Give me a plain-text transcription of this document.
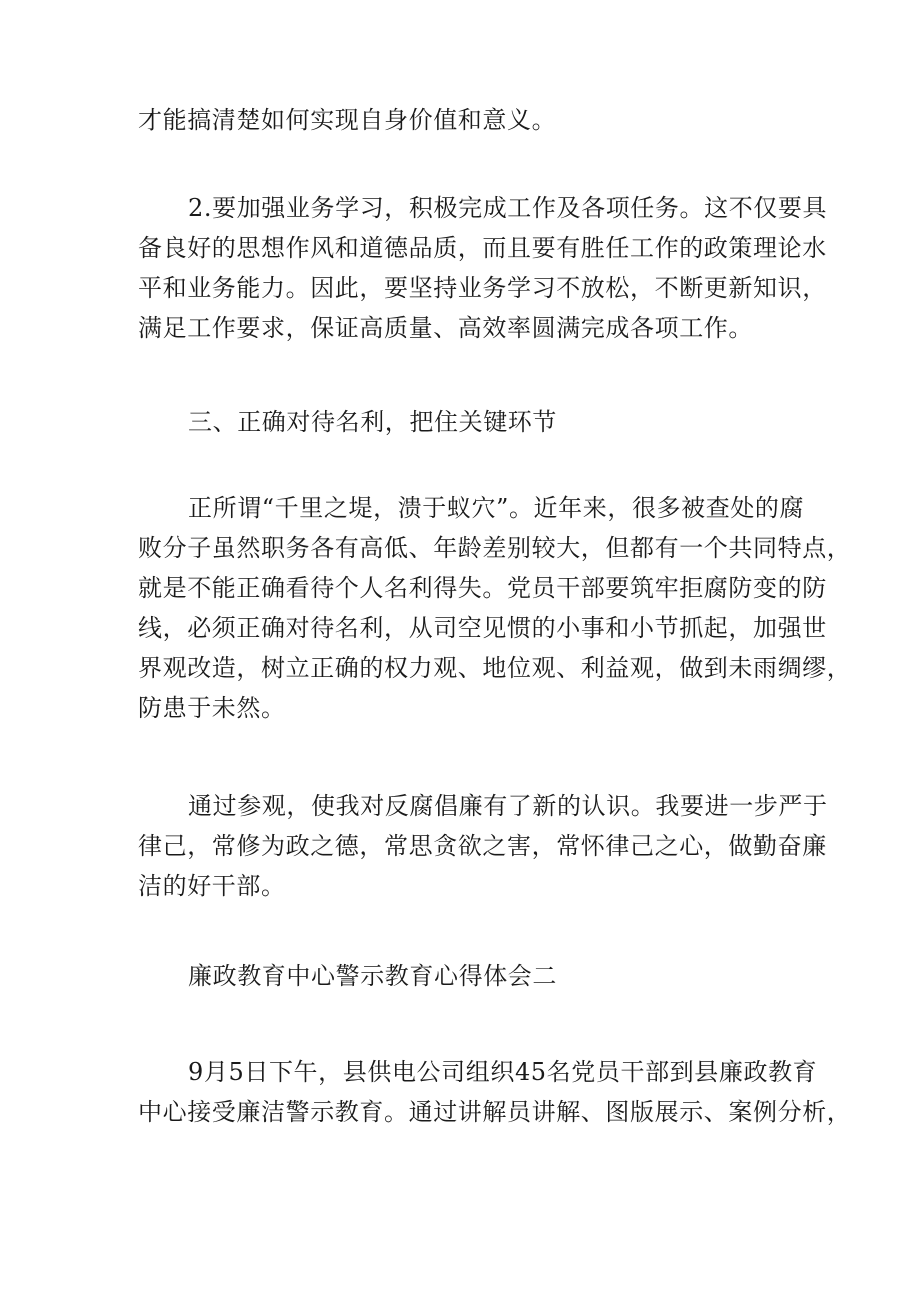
才能搞清楚如何实现自身价值和意义。

2.要加强业务学习，积极完成工作及各项任务。这不仅要具
备良好的思想作风和道德品质，而且要有胜任工作的政策理论水
平和业务能力。因此，要坚持业务学习不放松，不断更新知识，
满足工作要求，保证高质量、高效率圆满完成各项工作。

三、正确对待名利，把住关键环节

正所谓“千里之堤，溃于蚁穴”。近年来，很多被查处的腐
败分子虽然职务各有高低、年龄差别较大，但都有一个共同特点，
就是不能正确看待个人名利得失。党员干部要筑牢拒腐防变的防
线，必须正确对待名利，从司空见惯的小事和小节抓起，加强世
界观改造，树立正确的权力观、地位观、利益观，做到未雨绸缪，
防患于未然。

通过参观，使我对反腐倡廉有了新的认识。我要进一步严于
律己，常修为政之德，常思贪欲之害，常怀律己之心，做勤奋廉
洁的好干部。

廉政教育中心警示教育心得体会二

9月5日下午，县供电公司组织45名党员干部到县廉政教育
中心接受廉洁警示教育。通过讲解员讲解、图版展示、案例分析，
